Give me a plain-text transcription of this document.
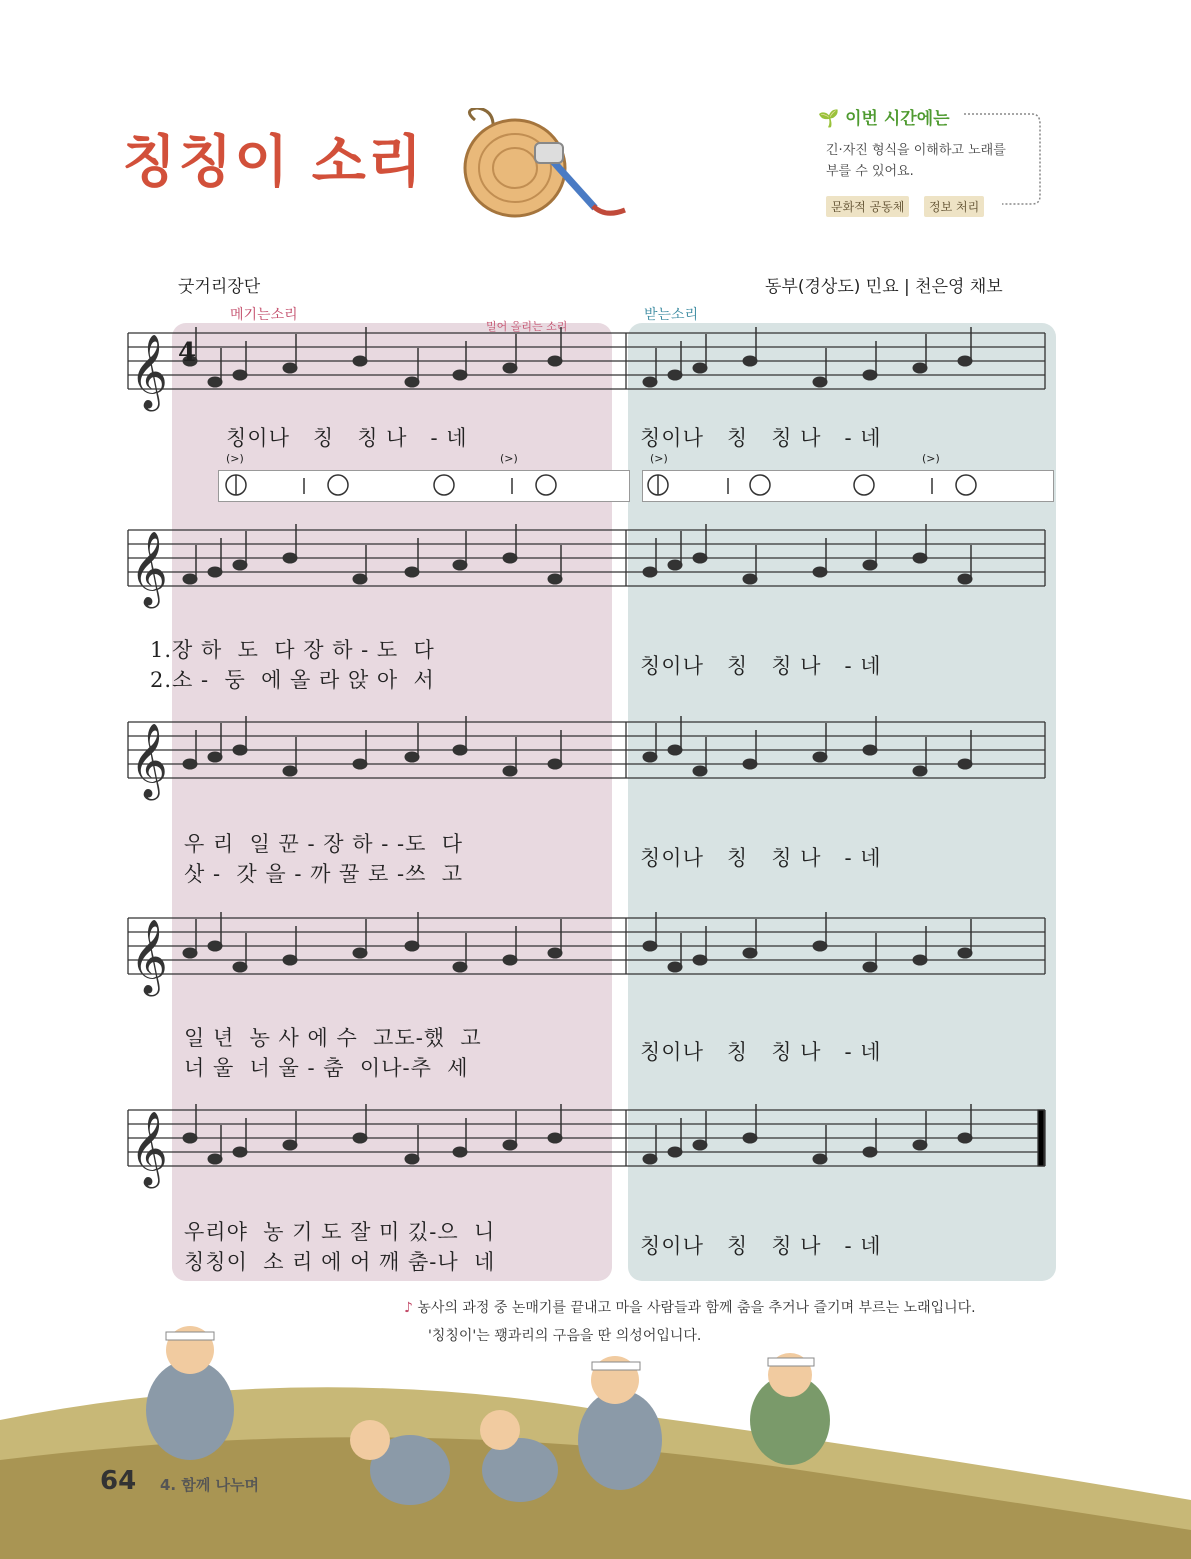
칭칭이 소리
🌱 이번 시간에는
긴·자진 형식을 이해하고 노래를
부를 수 있어요.
문화적 공동체	정보 처리
굿거리장단	동부(경상도) 민요 | 천은영 채보
메기는소리	받는소리
밀어 올리는 소리
𝄞
𝄞
𝄞
𝄞
𝄞
4
(>)	(>)	(>)	(>)
칭이나   칭   칭 나   - 네	칭이나   칭   칭 나   - 네
1.장 하  도  다 장 하 - 도  다
2.소 -  둥  에 올 라 앉 아  서
칭이나   칭   칭 나   - 네
우 리  일 꾼 - 장 하 - -도  다
삿 -  갓 을 - 까 꿀 로 -쓰  고
칭이나   칭   칭 나   - 네
일 년  농 사 에 수  고도-했  고
너 울  너 울 - 춤  이나-추  세
칭이나   칭   칭 나   - 네
우리야  농 기 도 잘 미 깄-으  니
칭칭이  소 리 에 어 깨 춤-나  네
칭이나   칭   칭 나   - 네
♪ 농사의 과정 중 논매기를 끝내고 마을 사람들과 함께 춤을 추거나 즐기며 부르는 노래입니다.
'칭칭이'는 꽹과리의 구음을 딴 의성어입니다.
64 4. 함께 나누며
